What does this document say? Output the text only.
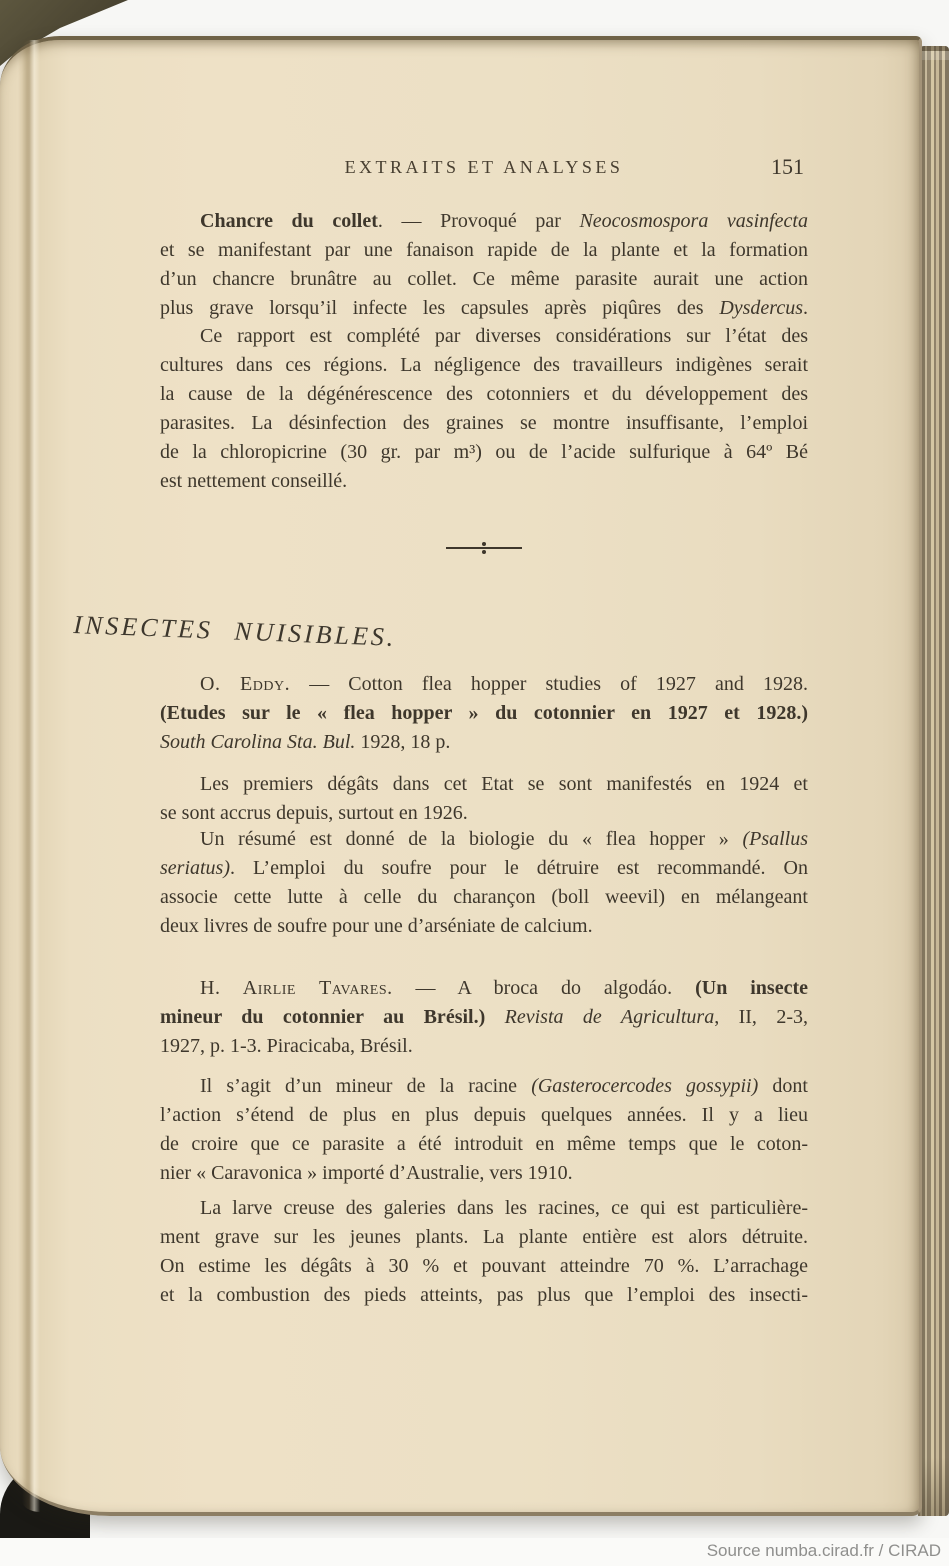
EXTRAITS ET ANALYSES	151
Chancre du collet. — Provoqué par Neocosmospora vasinfecta
et se manifestant par une fanaison rapide de la plante et la formation
d’un chancre brunâtre au collet. Ce même parasite aurait une action
plus grave lorsqu’il infecte les capsules après piqûres des Dysdercus.
Ce rapport est complété par diverses considérations sur l’état des
cultures dans ces régions. La négligence des travailleurs indigènes serait
la cause de la dégénérescence des cotonniers et du développement des
parasites. La désinfection des graines se montre insuffisante, l’emploi
de la chloropicrine (30 gr. par m³) ou de l’acide sulfurique à 64º Bé
est nettement conseillé.
INSECTES NUISIBLES.
O. Eddy. — Cotton flea hopper studies of 1927 and 1928.
(Etudes sur le « flea hopper » du cotonnier en 1927 et 1928.)
South Carolina Sta. Bul. 1928, 18 p.
Les premiers dégâts dans cet Etat se sont manifestés en 1924 et
se sont accrus depuis, surtout en 1926.
Un résumé est donné de la biologie du « flea hopper » (Psallus
seriatus). L’emploi du soufre pour le détruire est recommandé. On
associe cette lutte à celle du charançon (boll weevil) en mélangeant
deux livres de soufre pour une d’arséniate de calcium.
H. Airlie Tavares. — A broca do algodáo. (Un insecte
mineur du cotonnier au Brésil.) Revista de Agricultura, II, 2-3,
1927, p. 1-3. Piracicaba, Brésil.
Il s’agit d’un mineur de la racine (Gasterocercodes gossypii) dont
l’action s’étend de plus en plus depuis quelques années. Il y a lieu
de croire que ce parasite a été introduit en même temps que le coton-
nier « Caravonica » importé d’Australie, vers 1910.
La larve creuse des galeries dans les racines, ce qui est particulière-
ment grave sur les jeunes plants. La plante entière est alors détruite.
On estime les dégâts à 30 % et pouvant atteindre 70 %. L’arrachage
et la combustion des pieds atteints, pas plus que l’emploi des insecti-
Source numba.cirad.fr / CIRAD
